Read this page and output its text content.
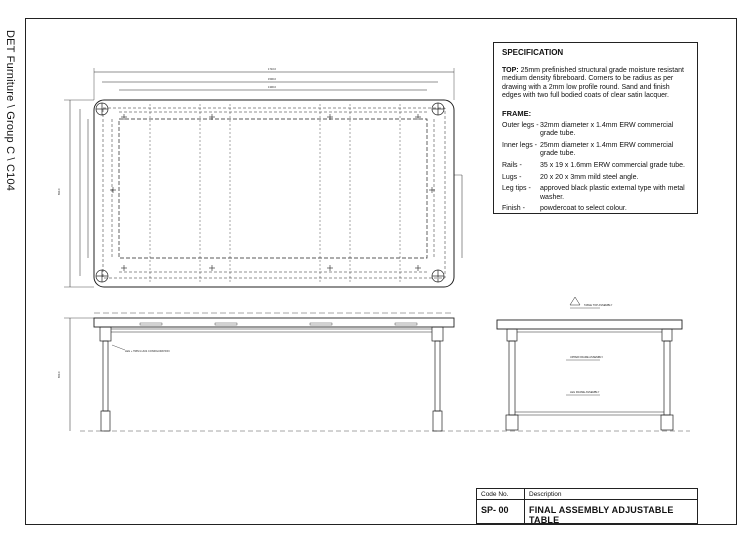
DET Furniture \ Group C \ C104	1710.0
1500.0
1300.0
690.0
LEG + TRIM LUGS CONFIGURATION
650.0
TABLE TOP ASSEMBLY
UPPER FRAME ASSEMBLY
LEG FRAME ASSEMBLY
SPECIFICATION
TOP: 25mm prefinished structural grade moisture resistant medium density fibreboard. Corners to be radius as per drawing with a 2mm low profile round. Sand and finish edges with two full bodied coats of clear satin lacquer.
FRAME:
Outer legs - 32mm diameter x 1.4mm ERW commercial grade tube.
Inner legs - 25mm diameter x 1.4mm ERW commercial grade tube.
Rails -	35 x 19 x 1.6mm ERW commercial grade tube.
Lugs -	20 x 20 x 3mm mild steel angle.
Leg tips -	approved black plastic external type with metal washer.
Finish -	powdercoat to select colour.
Code No.	Description
SP- 00 FINAL ASSEMBLY ADJUSTABLE TABLE
